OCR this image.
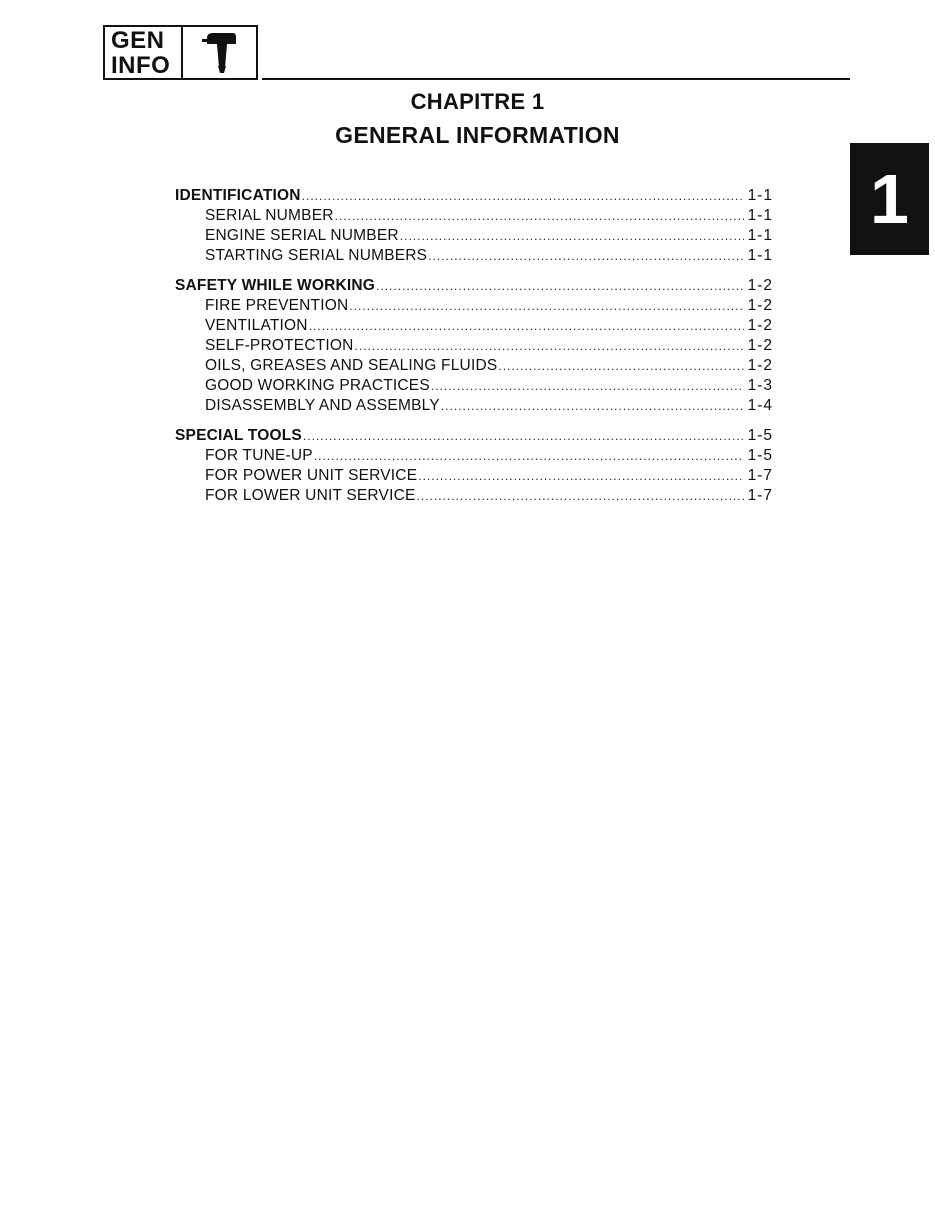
GEN
INFO
CHAPITRE 1
GENERAL INFORMATION
1
IDENTIFICATION .....	1-1
SERIAL NUMBER .....	1-1
ENGINE SERIAL NUMBER .....	1-1
STARTING SERIAL NUMBERS .....	1-1
SAFETY WHILE WORKING .....	1-2
FIRE PREVENTION .....	1-2
VENTILATION .....	1-2
SELF-PROTECTION .....	1-2
OILS, GREASES AND SEALING FLUIDS .....	1-2
GOOD WORKING PRACTICES .....	1-3
DISASSEMBLY AND ASSEMBLY .....	1-4
SPECIAL TOOLS .....	1-5
FOR TUNE-UP .....	1-5
FOR POWER UNIT SERVICE .....	1-7
FOR LOWER UNIT SERVICE .....	1-7
